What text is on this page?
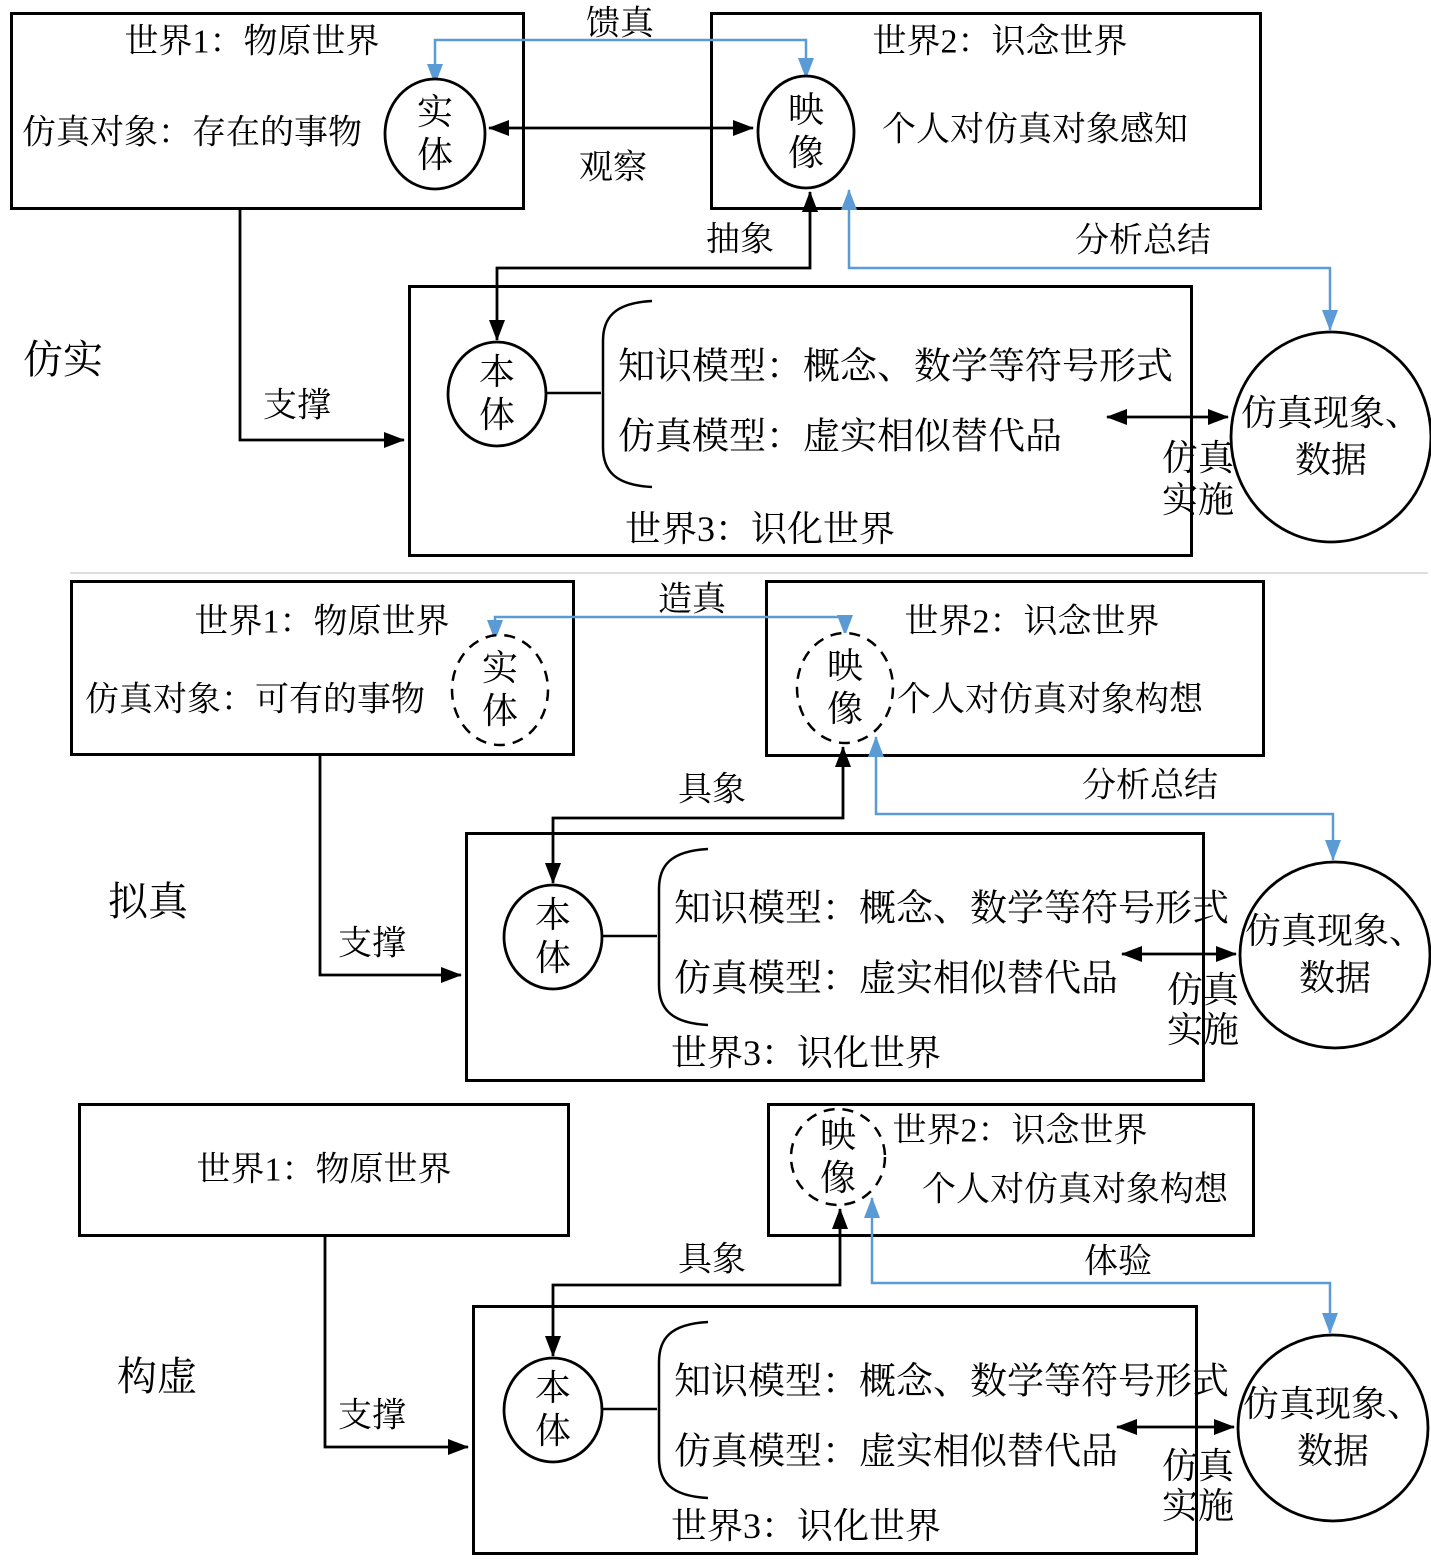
世界1：物原世界
仿真对象：存在的事物
实体
世界2：识念世界
个人对仿真对象感知
映像
馈真
观察
抽象	分析总结
支撑
仿实	本体
知识模型：概念、数学等符号形式
仿真模型：虚实相似替代品
世界3：识化世界
仿真
实施
仿真现象、
数据
世界1：物原世界
仿真对象：可有的事物
实体
世界2：识念世界
个人对仿真对象构想
映像
造真
具象	分析总结
支撑
拟真	本体
知识模型：概念、数学等符号形式
仿真模型：虚实相似替代品
世界3：识化世界
仿真
实施
仿真现象、
数据
世界1：物原世界
世界2：识念世界
个人对仿真对象构想
映像
具象	体验
支撑
构虚	本体
知识模型：概念、数学等符号形式
仿真模型：虚实相似替代品
世界3：识化世界
仿真
实施
仿真现象、
数据
